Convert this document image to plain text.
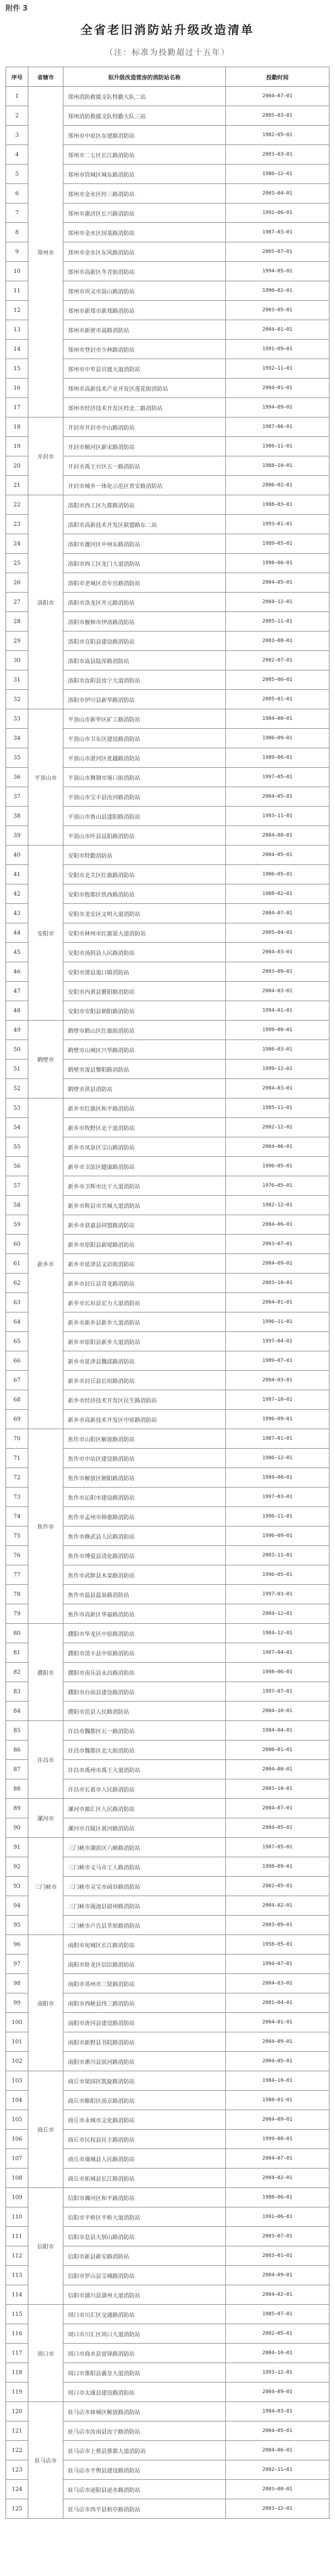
附件 3
全省老旧消防站升级改造清单
（注：标准为投勤超过十五年）
序号	省辖市	拟升级改造营房的消防站名称	投勤时间
1	郑州市	郑州消防救援支队特勤大队二站	2004—07—01
2		郑州消防救援支队特勤大队三站	2005—03—01
3		郑州市中原区东建路消防站	1982—05—01
4		郑州市二七区长江路消防站	2003—03—01
5		郑州市管城区城东路消防站	1986—12—01
6		郑州市金水区经三路消防站	2003—04—01
7		郑州市惠济区长兴路消防站	1992—06—01
8		郑州市金水区国基路消防站	1987—03—01
9		郑州市金水区东风路消防站	2005—07—01
10		郑州市高新区冬青街消防站	1994—05—01
11		郑州市巩义市嵩山路消防站	1990—02—01
12		郑州市新郑市新郑路消防站	2003—05—01
13		郑州市新密市嵩路消防站	2004—01—01
14		郑州市登封市少林路消防站	1991—09—01
15		郑州市中牟县官渡大道消防站	1992—11—01
16		郑州市高新技术产业开发区莲花街消防站	2004—01—01
17		郑州市经济技术开发区经北二路消防站	1994—09—01
18	开封市	开封市开封市中山路消防站	1987—06—01
19		开封市顺河区新宋路消防站	1986—11—01
20		开封市禹王台区五一路消防站	1988—10—01
21		开封市城乡一体化示范区晋安路消防站	2006—02—01
22	洛阳市	洛阳市西工区九都路消防站	1988—03—01
23		洛阳市高新技术开发区联盟路东二站	1993—01—01
24		洛阳市瀍河区中州东路消防站	1989—05—01
25		洛阳市西工区龙门大道消防站	1998—06—01
26		洛阳市老城区青年宫路消防站	2004—05—01
27		洛阳市洛龙区开元路消防站	2004—12—01
28		洛阳市偃师市伊洛路消防站	2005—11—01
29		洛阳市宜阳县建设路消防站	2003—08—01
30		洛阳市嵩县陆浑路消防站	2002—07—01
31		洛阳市汝阳县汝宁大道消防站	2005—06—01
32		洛阳市伊川县新华路消防站	2005—01—01
33	平顶山市	平顶山市新华区矿工路消防站	1984—08—01
34		平顶山市卫东区建设路消防站	1986—09—01
35		平顶山市湛河区优越路消防站	1989—08—01
36		平顶山市舞钢市垭口街消防站	1997—05—01
37		平顶山市宝丰县汝河路消防站	2004—05—01
38		平顶山市鲁山县滍阳路消防站	1993—11—01
39		平顶山市叶县昆阳路消防站	2004—08—01
40	安阳市	安阳市特勤消防站	2004—05—01
41		安阳市北关区红旗路消防站	1986—05—01
42		安阳市殷都区铁西路消防站	1988—02—01
43		安阳市龙安区文明大道消防站	2004—07—01
44		安阳市林州市红旗渠大道消防站	2005—04—01
45		安阳市汤阴县人民路消防站	2004—03—01
46		安阳市滑县道口镇消防站	2003—09—01
47		安阳市内黄县繁阳路消防站	2004—03—01
48		安阳市安阳县朝阳路消防站	1994—01—01
49	鹤壁市	鹤壁市鹤山区红旗街消防站	1999—08—01
50		鹤壁市山城区兴华路消防站	1986—03—01
51		鹤壁市浚县黎阳路消防站	1999—12—01
52		鹤壁市淇县消防站	2004—03—01
53	新乡市	新乡市红旗区和平路消防站	1985—11—01
54		新乡市牧野区北干道消防站	2002—12—01
55		新乡市凤泉区宝山路消防站	2004—06—01
56		新乡市卫滨区健康路消防站	1996—05—01
57		新乡市卫辉市比干大道消防站	1976—05—01
58		新乡市辉县市共城大道消防站	1982—12—01
59		新乡市获嘉县同盟路消防站	2004—06—01
60		新乡市原阳县新堤路消防站	2003—07—01
61		新乡市延津县文岩街消防站	2004—09—01
62		新乡市封丘县青龙路消防站	2003—10—01
63		新乡市长垣县宏力大道消防站	2004—01—01
64		新乡市新乡县新乡大道消防站	1996—11—01
65		新乡市原阳县新乡大道消防站	1997—04—01
66		新乡市延津县魏邱路消防站	1989—07—01
67		新乡市封丘县长垣路消防站	2004—03—01
68		新乡市经济技术开发区民生路消防站	1997—10—01
69		新乡市高新技术开发区中原路消防站	1996—09—01
70	焦作市	焦作市山阳区解放路消防站	1987—01—01
71		焦作市中站区建设路消防站	1986—12—01
72		焦作市解放区朝阳路消防站	1984—08—01
73		焦作市沁阳市建设路消防站	1997—03—01
74		焦作市孟州市韩愈路消防站	1996—11—01
75		焦作市修武县人民路消防站	1996—09—01
76		焦作市博爱县清化路消防站	2003—11—01
77		焦作市武陟县木栾路消防站	1996—05—01
78		焦作市温县温泉路消防站	1997—03—01
79		焦作市高新区华福路消防站	2004—12—01
80	濮阳市	濮阳市华龙区中原路消防站	1984—12—01
81		濮阳市清丰县中原路消防站	1987—04—01
82		濮阳市南乐县永昌路消防站	1998—06—01
83		濮阳市台前县建设路消防站	1997—07—01
84		濮阳市范县人民路消防站	2004—10—01
85	许昌市	许昌市魏都区五一路消防站	1984—04—01
86		许昌市魏都区北大街消防站	2000—01—01
87		许昌市禹州市禹王大道消防站	2004—08—01
88		许昌市长葛市人民路消防站	2003—10—01
89	漯河市	漯河市源汇区人民路消防站	2004—07—01
90		漯河市召陵区黄河路消防站	2004—05—01
91	三门峡市	三门峡市湖滨区六峰路消防站	1987—05—01
92		三门峡市义马市工人路消防站	1998—09—01
93		三门峡市灵宝市函谷路消防站	2002—05—01
94		三门峡市渑池县韶州路消防站	2004—02—01
95		三门峡市卢氏县莘原路消防站	2003—09—01
96	南阳市	南阳市宛城区长江路消防站	1958—05—01
97		南阳市卧龙区信臣路消防站	1994—07—01
98		南阳市邓州市三贤路消防站	2004—03—01
99		南阳市西峡县纬三路消防站	2001—04—01
100		南阳市唐河县建设路消防站	2004—01—01
101		南阳市新野县书院路消防站	2004—09—01
102		南阳市淅川县滨河路消防站	2004—05—01
103	商丘市	商丘市梁园区凯旋路消防站	1984—10—01
104		商丘市睢阳区南京路消防站	1988—01—01
105		商丘市永城市文化路消防站	2004—09—01
106		商丘市民权县民主路消防站	1999—08—01
107		商丘市虞城县人民路消防站	2004—07—01
108		商丘市柘城县长江路消防站	2004—02—01
109	信阳市	信阳市浉河区和平路消防站	1988—06—01
110		信阳市平桥区平桥大道消防站	1991—06—01
111		信阳市息县大别山路消防站	2003—07—01
112		信阳市新县新安路消防站	2003—01—01
113		信阳市罗山县宝城路消防站	2004—09—01
114		信阳市潢川县潢州大道消防站	2004—02—01
115	周口市	周口市川汇区交通路消防站	1985—07—01
116		周口市川汇区周口大道消防站	2002—05—01
117		周口市商水县雷锋路消防站	2004—10—01
118		周口市淮阳县羲皇大道消防站	1993—12—01
119		周口市太康县建设路消防站	2004—09—01
120	驻马店市	驻马店市驿城区解放路消防站	1984—03—01
121		驻马店市汝南县汝宁路消防站	2004—05—01
122		驻马店市上蔡县蔡都大道消防站	2004—06—01
123		驻马店市平舆县建设路消防站	2002—11—01
124		驻马店市泌阳县泌水路消防站	2003—08—01
125		驻马店市西平县柏亭路消防站	2003—12—01
